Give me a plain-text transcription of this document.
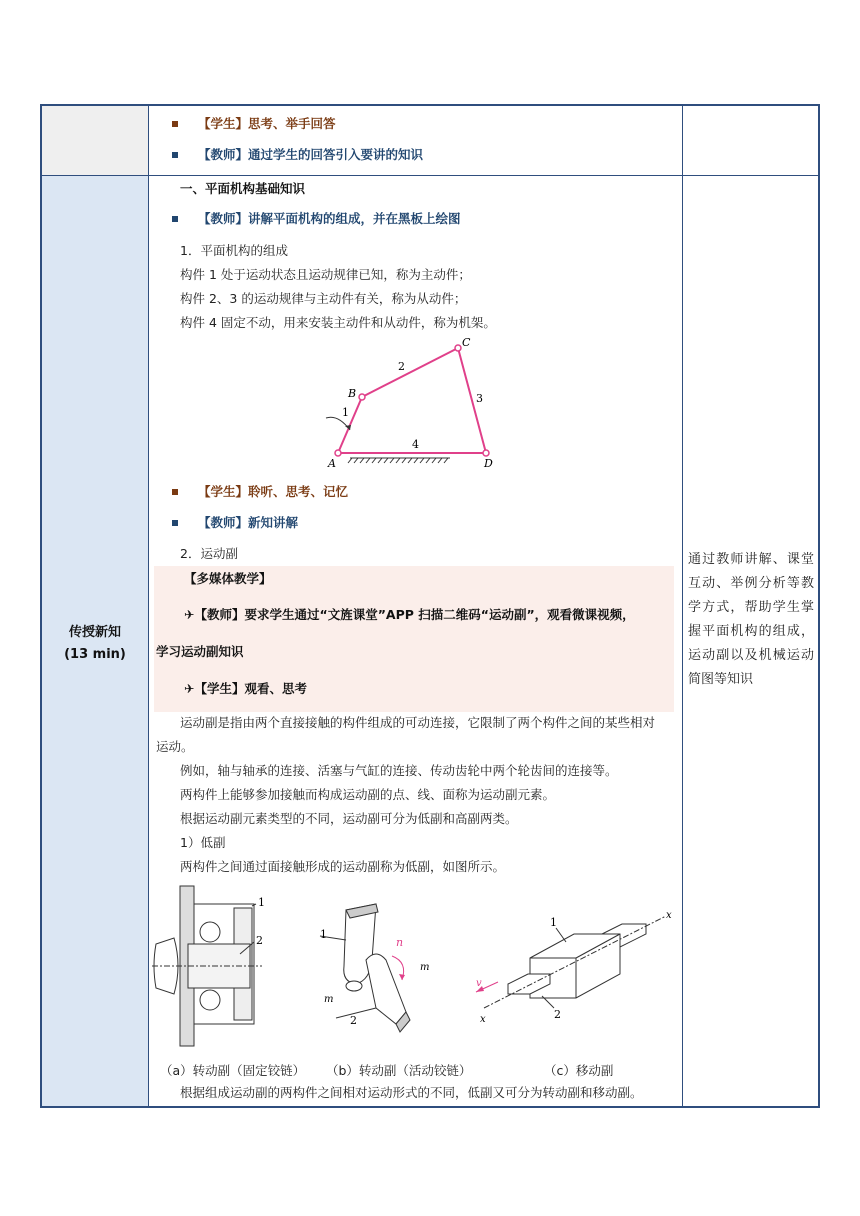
传授新知
(13 min)
【学生】思考、举手回答
【教师】通过学生的回答引入要讲的知识
一、平面机构基础知识
【教师】讲解平面机构的组成，并在黑板上绘图
1．平面机构的组成
构件 1 处于运动状态且运动规律已知，称为主动件；
构件 2、3 的运动规律与主动件有关，称为从动件；
构件 4 固定不动，用来安装主动件和从动件，称为机架。
A
B
C
D
1
2
3
4
【学生】聆听、思考、记忆
【教师】新知讲解
2．运动副
【多媒体教学】
✈【教师】要求学生通过“文旌课堂”APP 扫描二维码“运动副”，观看微课视频，
学习运动副知识
✈【学生】观看、思考
运动副是指由两个直接接触的构件组成的可动连接，它限制了两个构件之间的某些相对
运动。
例如，轴与轴承的连接、活塞与气缸的连接、传动齿轮中两个轮齿间的连接等。
两构件上能够参加接触而构成运动副的点、线、面称为运动副元素。
根据运动副元素类型的不同，运动副可分为低副和高副两类。
1）低副
两构件之间通过面接触形成的运动副称为低副，如图所示。
1
2	1
2
n
m
m
1
2
x
x
v
（a）转动副（固定铰链） （b）转动副（活动铰链）	（c）移动副
根据组成运动副的两构件之间相对运动形式的不同，低副又可分为转动副和移动副。
通过教师讲解、课堂互动、举例分析等教学方式，帮助学生掌握平面机构的组成，运动副以及机械运动简图等知识
